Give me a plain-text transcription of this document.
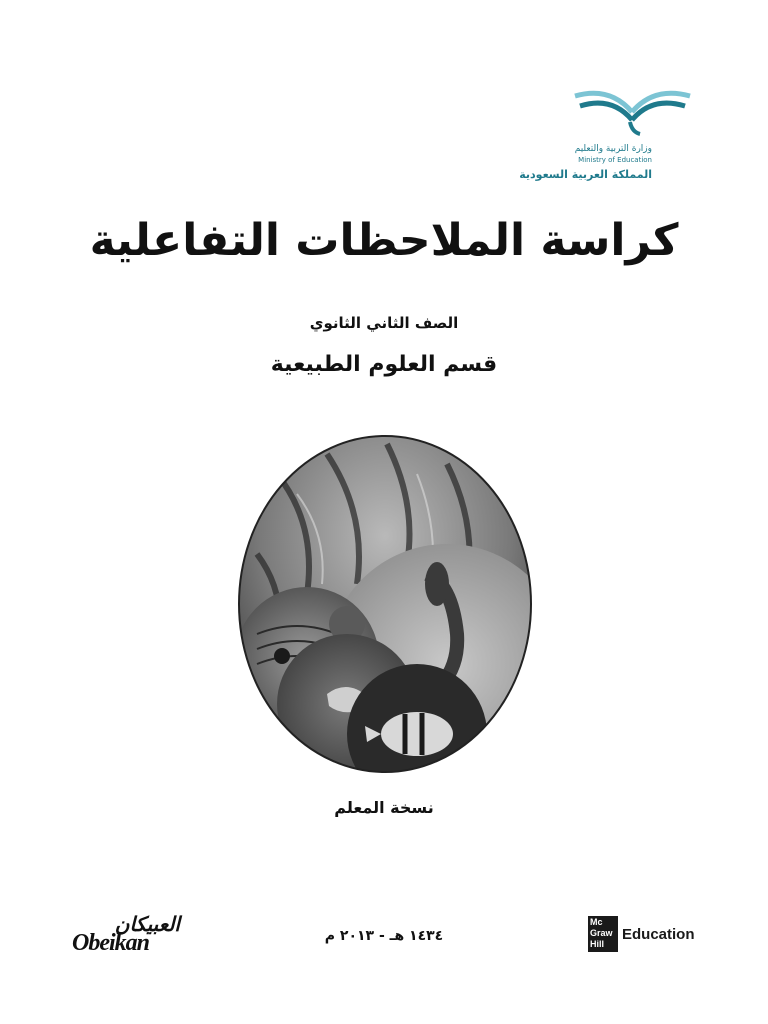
وزارة التربية والتعليم
Ministry of Education
المملكة العربية السعودية
كراسة الملاحظات التفاعلية
الصف الثاني الثانوي
قسم العلوم الطبيعية
نسخة المعلم
العبيكان
Obeikan	١٤٣٤ هـ - ٢٠١٣ م
Mc
Graw
Hill
Education
